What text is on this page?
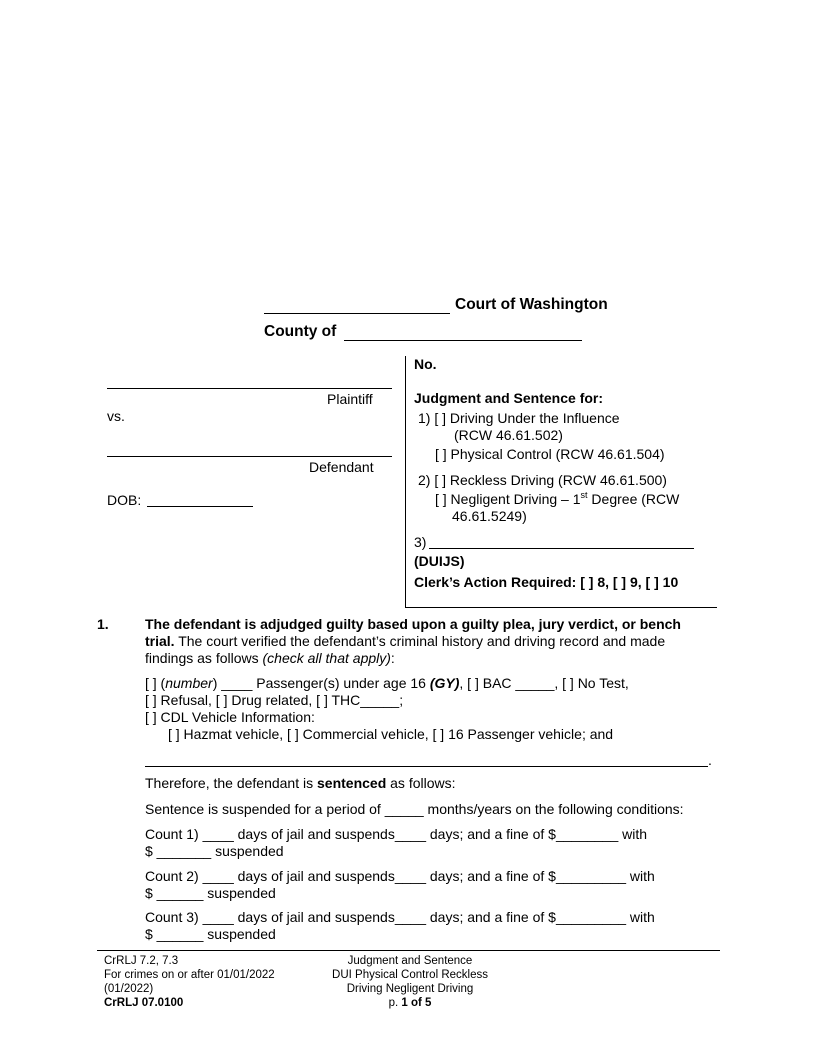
Court of Washington
County of
Plaintiff
vs.
Defendant
DOB:
No.
Judgment and Sentence for:
1) [ ] Driving Under the Influence
(RCW 46.61.502)
[ ] Physical Control (RCW 46.61.504)
2) [ ] Reckless Driving (RCW 46.61.500)
[ ] Negligent Driving – 1st Degree (RCW
46.61.5249)
3)
(DUIJS)
Clerk’s Action Required: [ ] 8, [ ] 9, [ ] 10
1.	The defendant is adjudged guilty based upon a guilty plea, jury verdict, or bench
trial. The court verified the defendant’s criminal history and driving record and made
findings as follows (check all that apply):
[ ] (number) ____ Passenger(s) under age 16 (GY), [ ] BAC _____, [ ] No Test,
[ ] Refusal, [ ] Drug related, [ ] THC_____;
[ ] CDL Vehicle Information:
[ ] Hazmat vehicle, [ ] Commercial vehicle, [ ] 16 Passenger vehicle; and
.
Therefore, the defendant is sentenced as follows:
Sentence is suspended for a period of _____ months/years on the following conditions:
Count 1) ____ days of jail and suspends____ days; and a fine of $________ with
$ _______ suspended
Count 2) ____ days of jail and suspends____ days; and a fine of $_________ with
$ ______ suspended
Count 3) ____ days of jail and suspends____ days; and a fine of $_________ with
$ ______ suspended
CrRLJ 7.2, 7.3
For crimes on or after 01/01/2022
(01/2022)
CrRLJ 07.0100
Judgment and Sentence
DUI Physical Control Reckless
Driving Negligent Driving
p. 1 of 5
